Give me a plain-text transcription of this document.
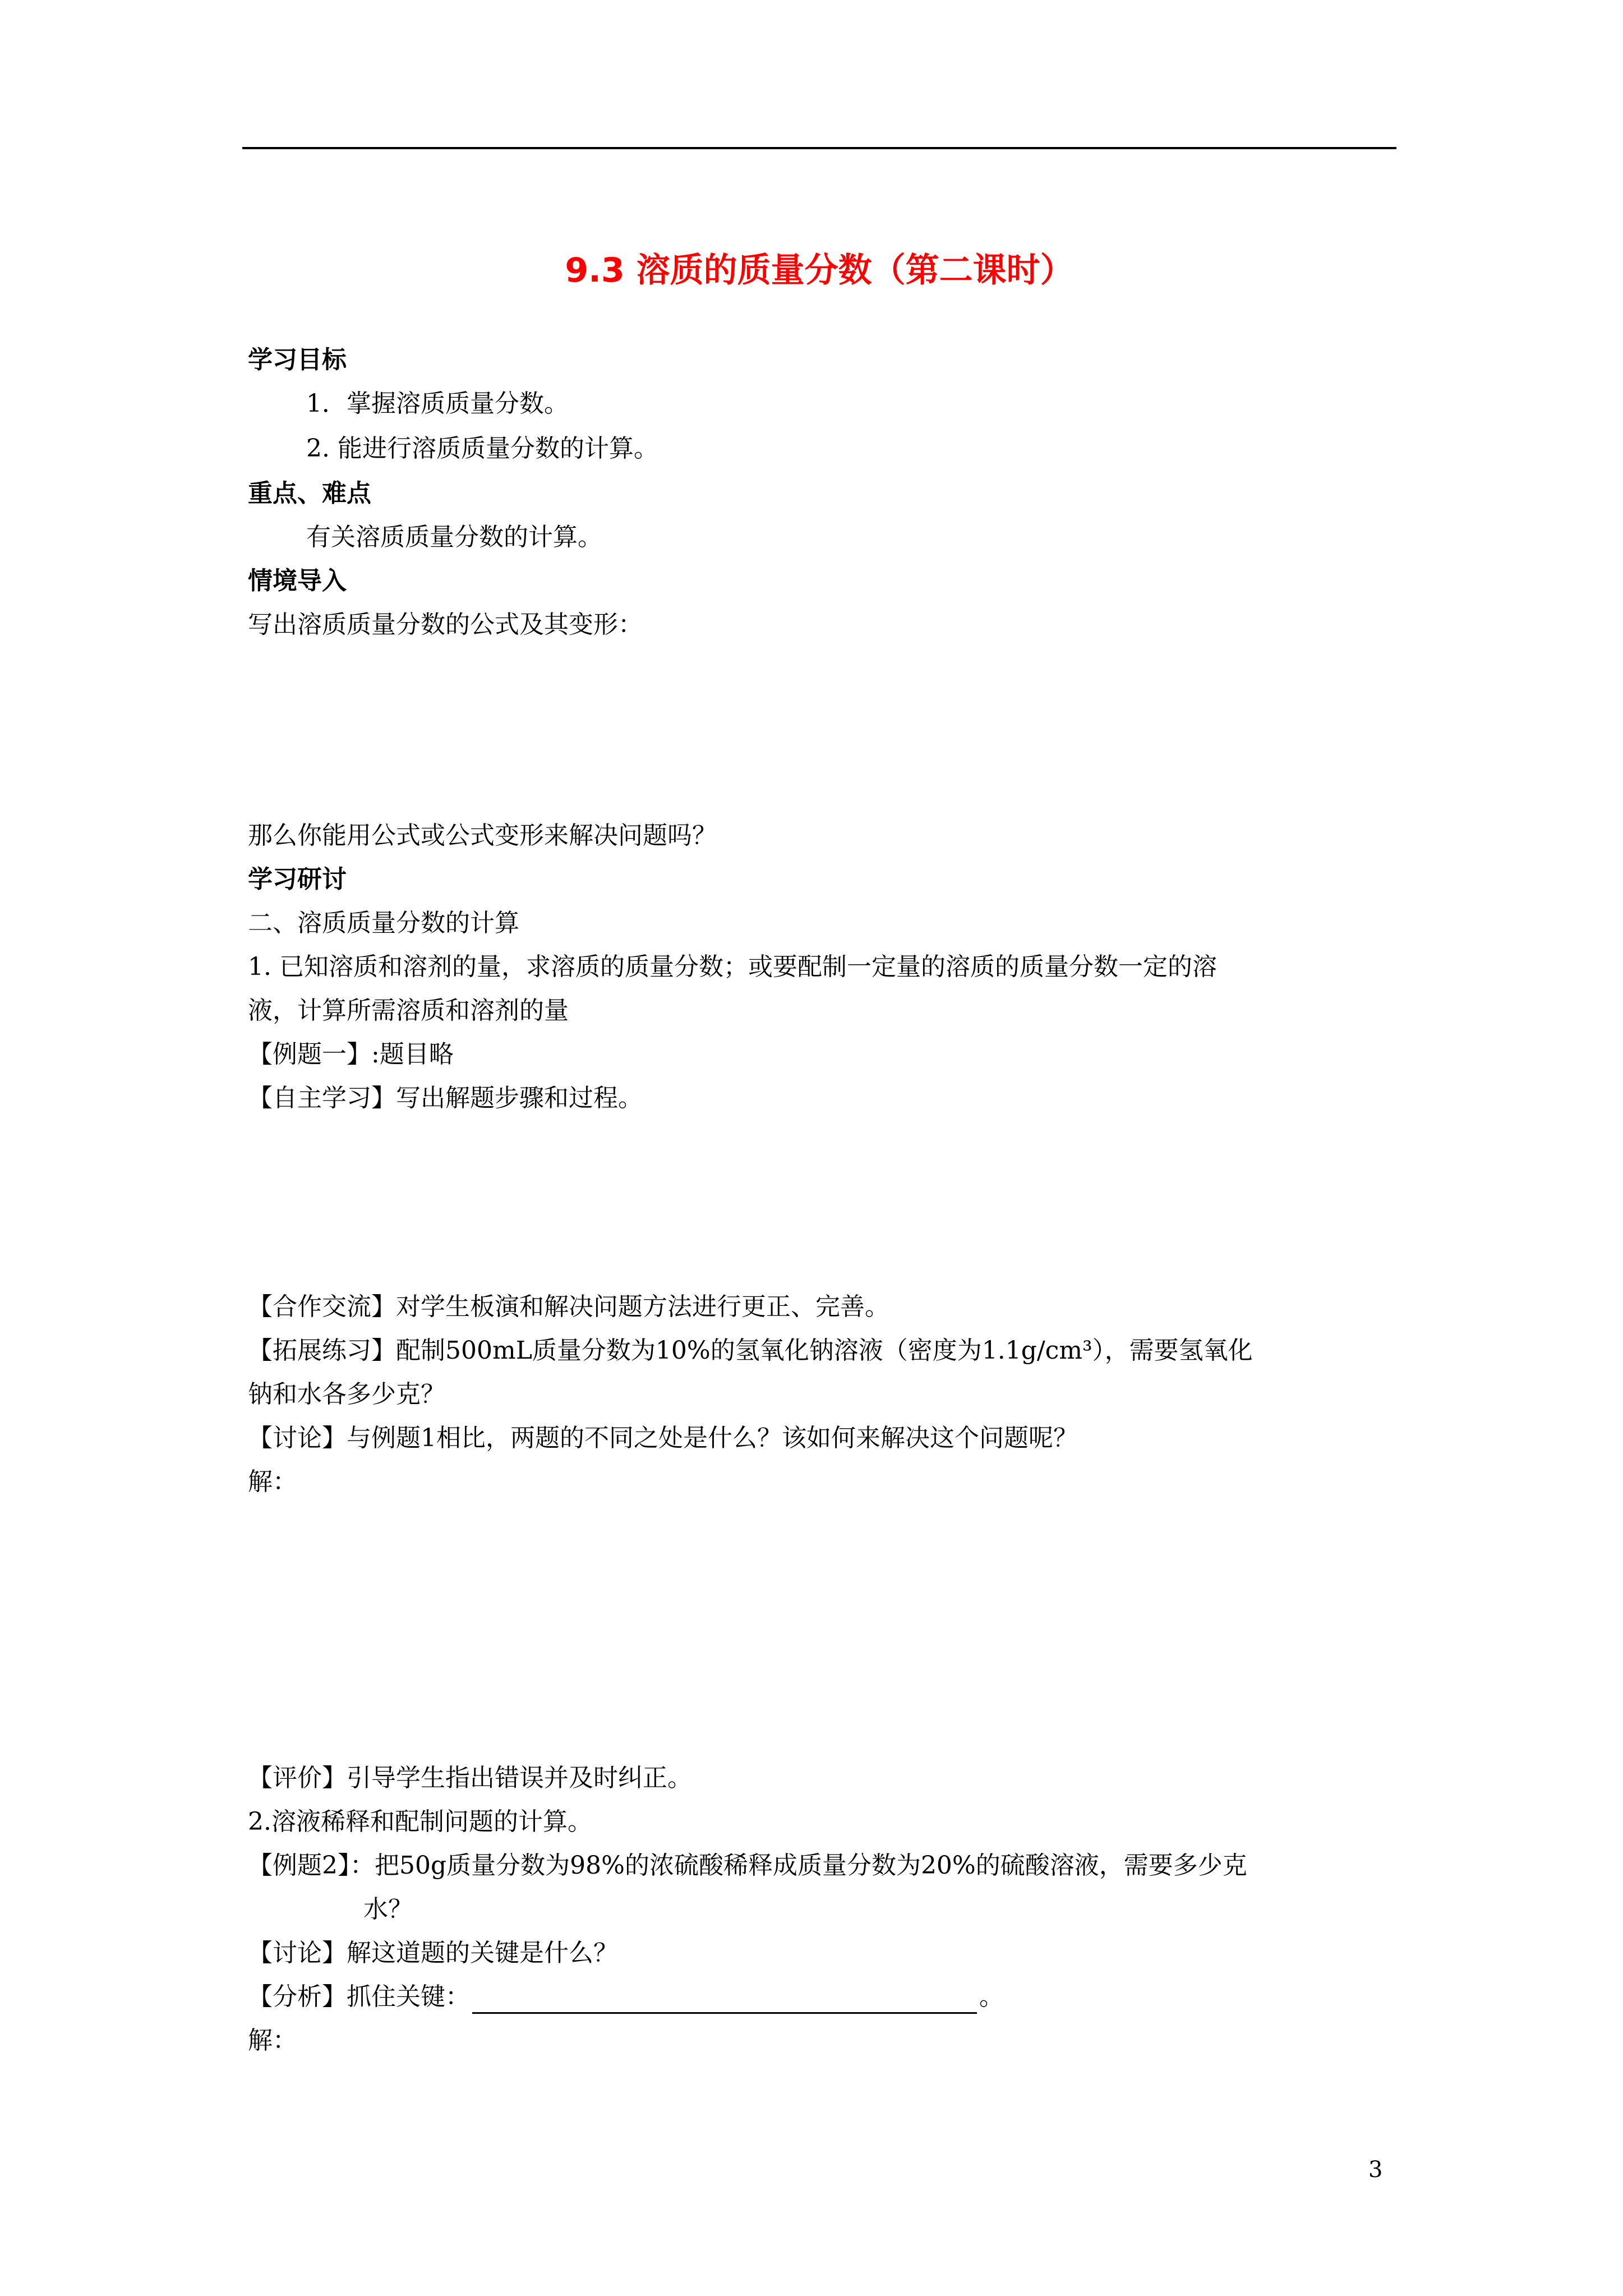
9.3 溶质的质量分数（第二课时）
学习目标
1．掌握溶质质量分数。
2. 能进行溶质质量分数的计算。
重点、难点
有关溶质质量分数的计算。
情境导入
写出溶质质量分数的公式及其变形：
那么你能用公式或公式变形来解决问题吗？
学习研讨
二、溶质质量分数的计算
1. 已知溶质和溶剂的量，求溶质的质量分数；或要配制一定量的溶质的质量分数一定的溶
液，计算所需溶质和溶剂的量
【例题一】:题目略
【自主学习】写出解题步骤和过程。
【合作交流】对学生板演和解决问题方法进行更正、完善。
【拓展练习】配制500mL质量分数为10%的氢氧化钠溶液（密度为1.1g/cm³），需要氢氧化
钠和水各多少克？
【讨论】与例题1相比，两题的不同之处是什么？该如何来解决这个问题呢？
解：
【评价】引导学生指出错误并及时纠正。
2.溶液稀释和配制问题的计算。
【例题2】：把50g质量分数为98%的浓硫酸稀释成质量分数为20%的硫酸溶液，需要多少克
水？
【讨论】解这道题的关键是什么？
【分析】抓住关键：	。
解：
3
